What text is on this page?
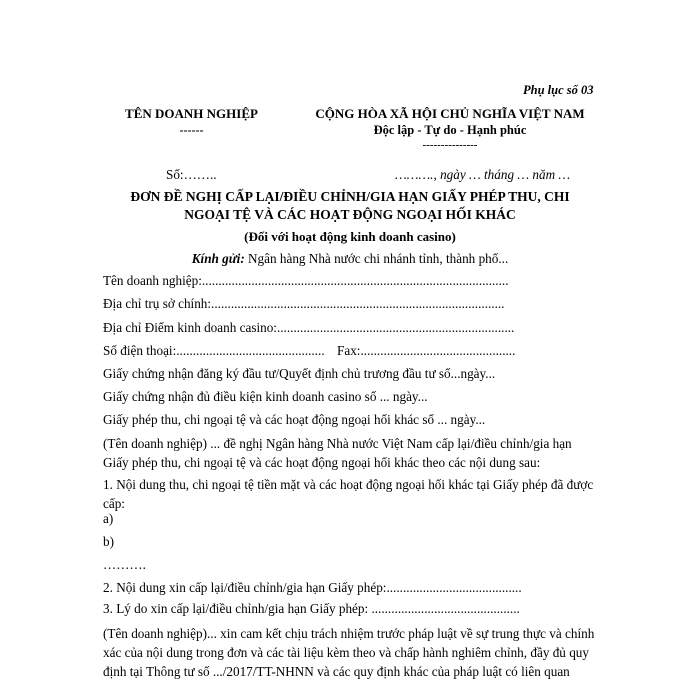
Phụ lục số 03
TÊN DOANH NGHIỆP
------
CỘNG HÒA XÃ HỘI CHỦ NGHĨA VIỆT NAM
Độc lập - Tự do - Hạnh phúc
---------------
Số:……..	………., ngày … tháng … năm …
ĐƠN ĐỀ NGHỊ CẤP LẠI/ĐIỀU CHỈNH/GIA HẠN GIẤY PHÉP THU, CHI
NGOẠI TỆ VÀ CÁC HOẠT ĐỘNG NGOẠI HỐI KHÁC
(Đối với hoạt động kinh doanh casino)
Kính gửi: Ngân hàng Nhà nước chi nhánh tỉnh, thành phố...
Tên doanh nghiệp:.............................................................................................
Địa chỉ trụ sở chính:.........................................................................................
Địa chỉ Điểm kinh doanh casino:........................................................................
Số điện thoại:............................................. Fax:...............................................
Giấy chứng nhận đăng ký đầu tư/Quyết định chủ trương đầu tư số...ngày...
Giấy chứng nhận đủ điều kiện kinh doanh casino số ... ngày...
Giấy phép thu, chi ngoại tệ và các hoạt động ngoại hối khác số ... ngày...
(Tên doanh nghiệp) ... đề nghị Ngân hàng Nhà nước Việt Nam cấp lại/điều chỉnh/gia hạn Giấy phép thu, chi ngoại tệ và các hoạt động ngoại hối khác theo các nội dung sau:
1. Nội dung thu, chi ngoại tệ tiền mặt và các hoạt động ngoại hối khác tại Giấy phép đã được cấp:
a)
b)
……….
2. Nội dung xin cấp lại/điều chỉnh/gia hạn Giấy phép:.........................................
3. Lý do xin cấp lại/điều chỉnh/gia hạn Giấy phép: .............................................
(Tên doanh nghiệp)... xin cam kết chịu trách nhiệm trước pháp luật về sự trung thực và chính xác của nội dung trong đơn và các tài liệu kèm theo và chấp hành nghiêm chỉnh, đầy đủ quy định tại Thông tư số .../2017/TT-NHNN và các quy định khác của pháp luật có liên quan
